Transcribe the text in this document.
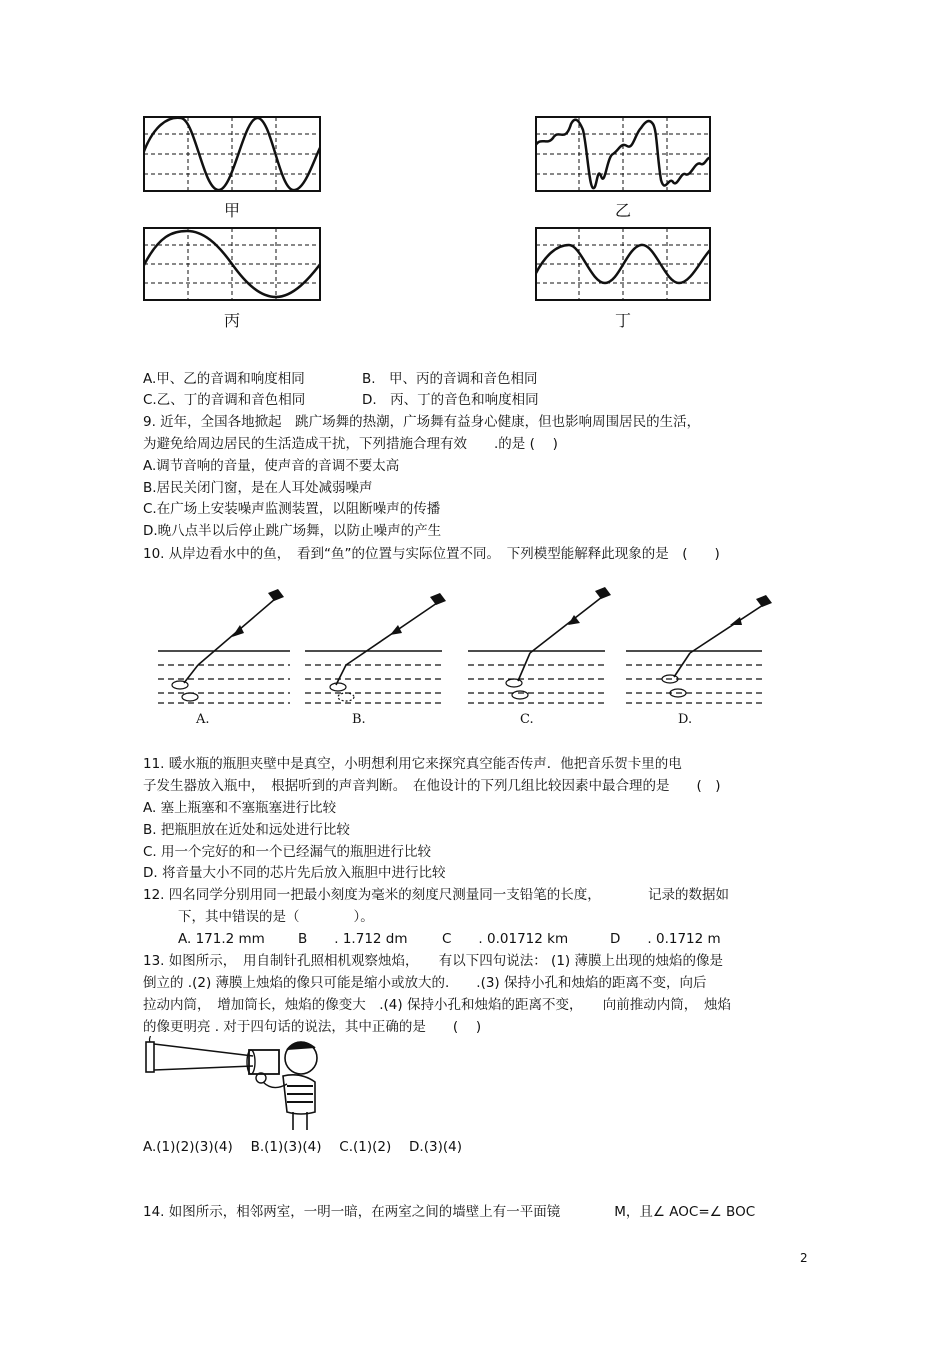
甲	乙
丙	丁
A.甲、乙的音调和响度相同	B.　甲、丙的音调和音色相同
C.乙、丁的音调和音色相同	D.　丙、丁的音色和响度相同
9. 近年，全国各地掀起　跳广场舞的热潮，广场舞有益身心健康，但也影响周围居民的生活，
为避免给周边居民的生活造成干扰，下列措施合理有效　　.的是 (　 )
A.调节音响的音量，使声音的音调不要太高
B.居民关闭门窗，是在人耳处减弱噪声
C.在广场上安装噪声监测装置，以阻断噪声的传播
D.晚八点半以后停止跳广场舞，以防止噪声的产生
10. 从岸边看水中的鱼，　看到“鱼”的位置与实际位置不同。　下列模型能解释此现象的是　(　　)
A.	B.	C.	D.
11. 暖水瓶的瓶胆夹壁中是真空，小明想利用它来探究真空能否传声．他把音乐贺卡里的电
子发生器放入瓶中，　根据听到的声音判断。　在他设计的下列几组比较因素中最合理的是　　(　)
A. 塞上瓶塞和不塞瓶塞进行比较
B. 把瓶胆放在近处和远处进行比较
C. 用一个完好的和一个已经漏气的瓶胆进行比较
D. 将音量大小不同的芯片先后放入瓶胆中进行比较
12. 四名同学分别用同一把最小刻度为毫米的刻度尺测量同一支铅笔的长度，　　　　记录的数据如
下，其中错误的是（　　　　）。
A. 171.2 mm B　　. 1.712 dm	C　　. 0.01712 km	D　　. 0.1712 m
13. 如图所示，　用自制针孔照相机观察烛焰，　　有以下四句说法： (1) 薄膜上出现的烛焰的像是
倒立的 .(2) 薄膜上烛焰的像只可能是缩小或放大的.　　.(3) 保持小孔和烛焰的距离不变，向后
拉动内筒，　增加筒长，烛焰的像变大　.(4) 保持小孔和烛焰的距离不变，　　向前推动内筒，　烛焰
的像更明亮 . 对于四句话的说法，其中正确的是　　(　 )
A.(1)(2)(3)(4)　 B.(1)(3)(4)　 C.(1)(2)　 D.(3)(4)
14. 如图所示，相邻两室，一明一暗，在两室之间的墙壁上有一平面镜　　　　M，且∠ AOC=∠ BOC
2
